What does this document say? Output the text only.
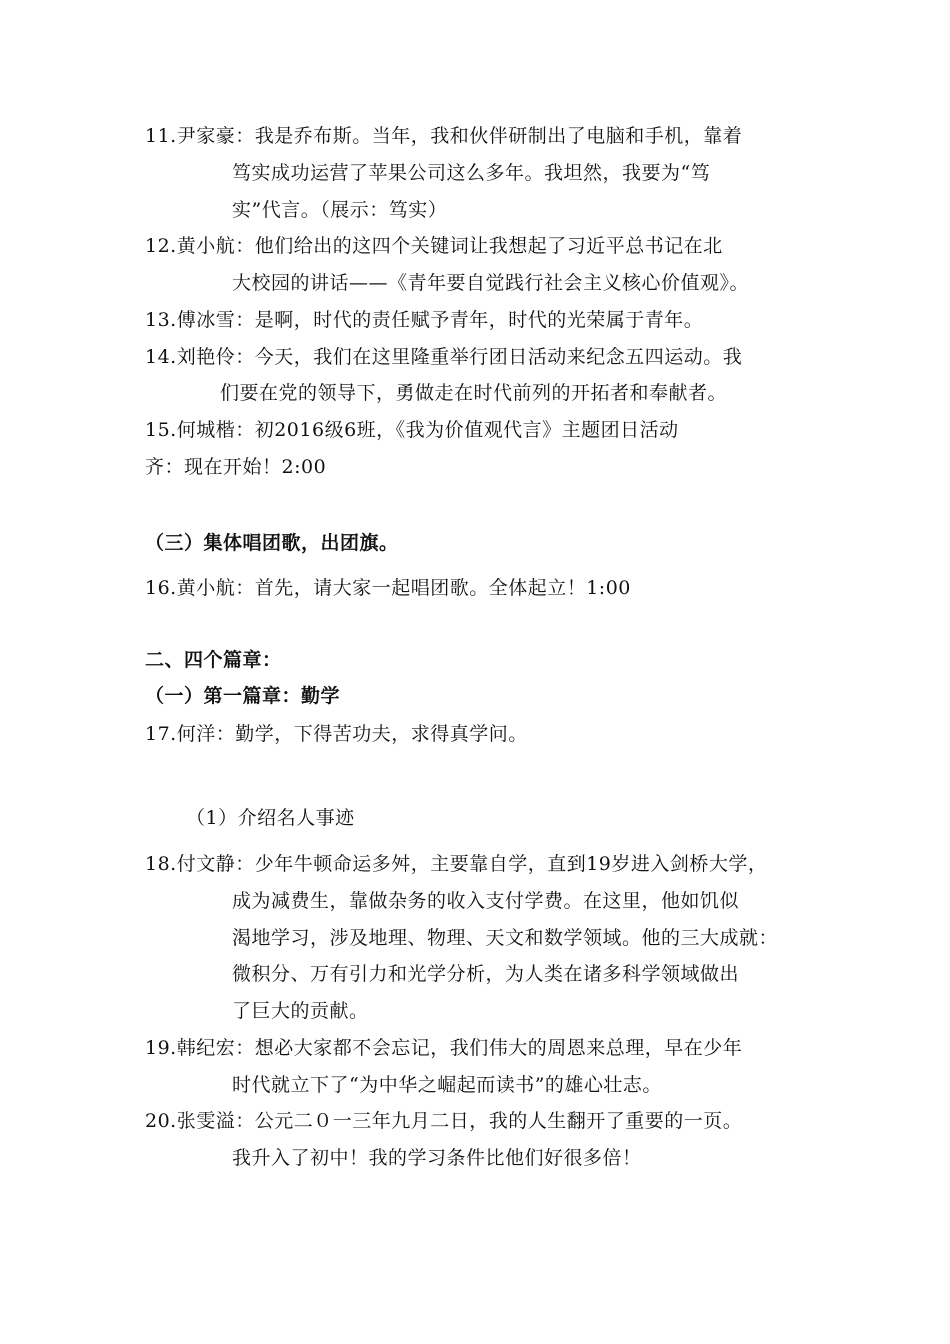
11.尹家豪：我是乔布斯。当年，我和伙伴研制出了电脑和手机，靠着
笃实成功运营了苹果公司这么多年。我坦然，我要为“笃
实”代言。（展示：笃实）
12.黄小航：他们给出的这四个关键词让我想起了习近平总书记在北
大校园的讲话——《青年要自觉践行社会主义核心价值观》。
13.傅冰雪：是啊，时代的责任赋予青年，时代的光荣属于青年。
14.刘艳伶：今天，我们在这里隆重举行团日活动来纪念五四运动。我
们要在党的领导下，勇做走在时代前列的开拓者和奉献者。
15.何城楷：初2016级6班，《我为价值观代言》主题团日活动
齐：现在开始！2:00
（三）集体唱团歌，出团旗。
16.黄小航：首先，请大家一起唱团歌。全体起立！1:00
二、四个篇章：
（一）第一篇章：勤学
17.何洋：勤学，下得苦功夫，求得真学问。
（1）介绍名人事迹
18.付文静：少年牛顿命运多舛，主要靠自学，直到19岁进入剑桥大学，
成为减费生，靠做杂务的收入支付学费。在这里，他如饥似
渴地学习，涉及地理、物理、天文和数学领域。他的三大成就：
微积分、万有引力和光学分析，为人类在诸多科学领域做出
了巨大的贡献。
19.韩纪宏：想必大家都不会忘记，我们伟大的周恩来总理，早在少年
时代就立下了“为中华之崛起而读书”的雄心壮志。
20.张雯溢：公元二０一三年九月二日，我的人生翻开了重要的一页。
我升入了初中！我的学习条件比他们好很多倍！
